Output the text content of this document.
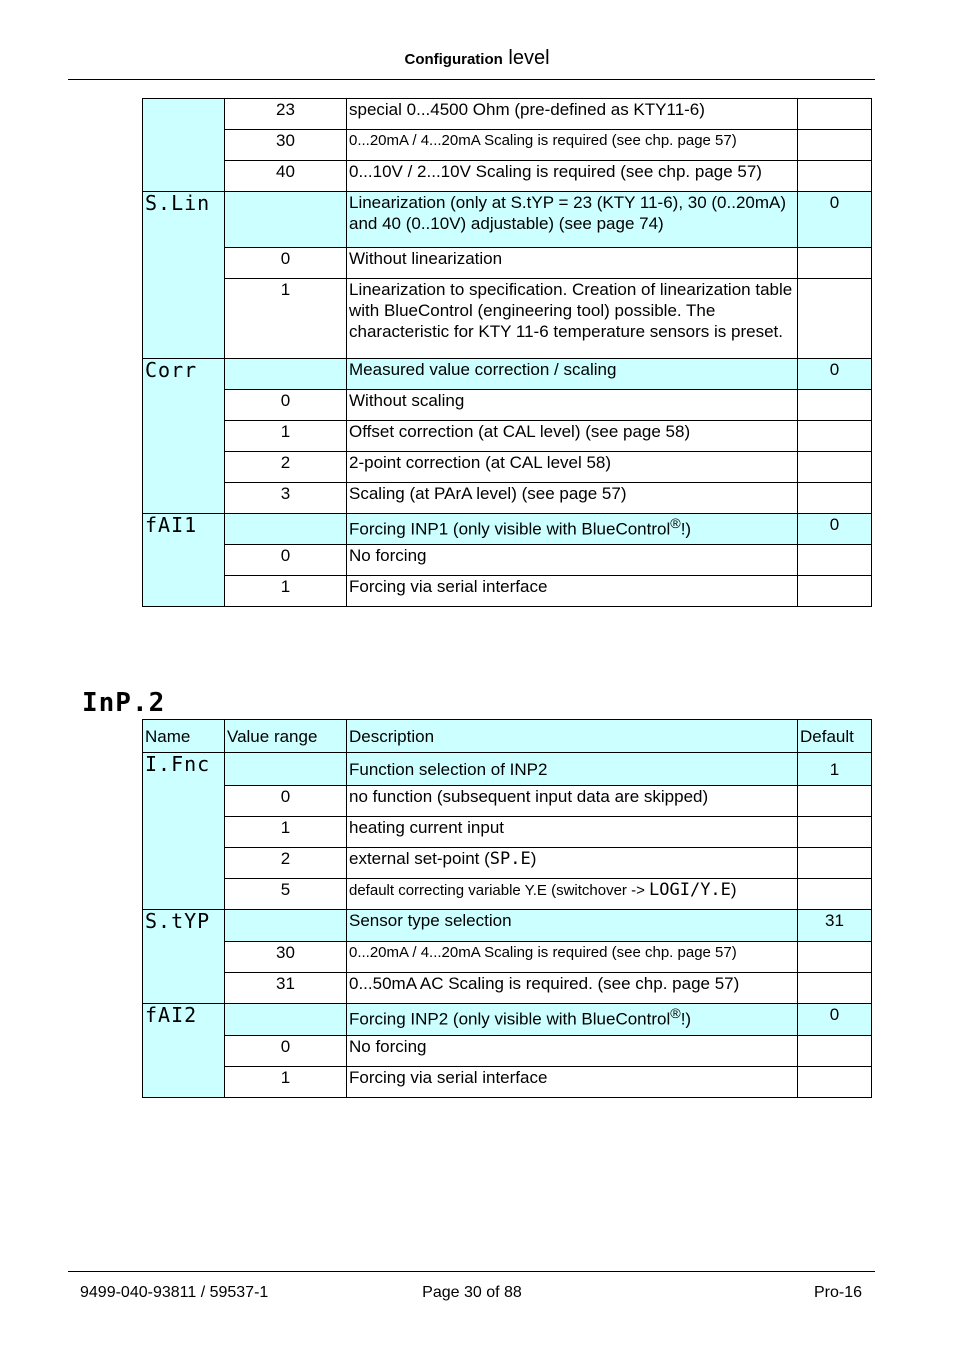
Configuration level
	23	special 0...4500 Ohm (pre-defined as KTY11-6)	
	30	0...20mA / 4...20mA Scaling is required (see chp. page 57)	
	40	0...10V / 2...10V Scaling is required (see chp. page 57)	
S.Lin		Linearization (only at S.tYP = 23 (KTY 11-6), 30 (0..20mA) and 40 (0..10V) adjustable) (see page 74)	0
	0	Without linearization	
	1	Linearization to specification. Creation of linearization table with BlueControl (engineering tool) possible. The characteristic for KTY 11-6 temperature sensors is preset.	
Corr		Measured value correction / scaling	0
	0	Without scaling	
	1	Offset correction (at CAL level) (see page 58)	
	2	2-point correction (at CAL level 58)	
	3	Scaling (at PArA level) (see page 57)	
fAI1		Forcing INP1 (only visible with BlueControl®!)	0
	0	No forcing	
	1	Forcing via serial interface	
InP.2
Name	Value range	Description	Default
I.Fnc		Function selection of INP2	1
	0	no function (subsequent input data are skipped)	
	1	heating current input	
	2	external set-point (SP.E)	
	5	default correcting variable Y.E (switchover -> LOGI/Y.E)	
S.tYP		Sensor type selection	31
	30	0...20mA / 4...20mA Scaling is required (see chp. page 57)	
	31	0...50mA AC Scaling is required. (see chp. page 57)	
fAI2		Forcing INP2 (only visible with BlueControl®!)	0
	0	No forcing	
	1	Forcing via serial interface	
9499-040-93811 / 59537-1	Page 30 of 88	Pro-16
